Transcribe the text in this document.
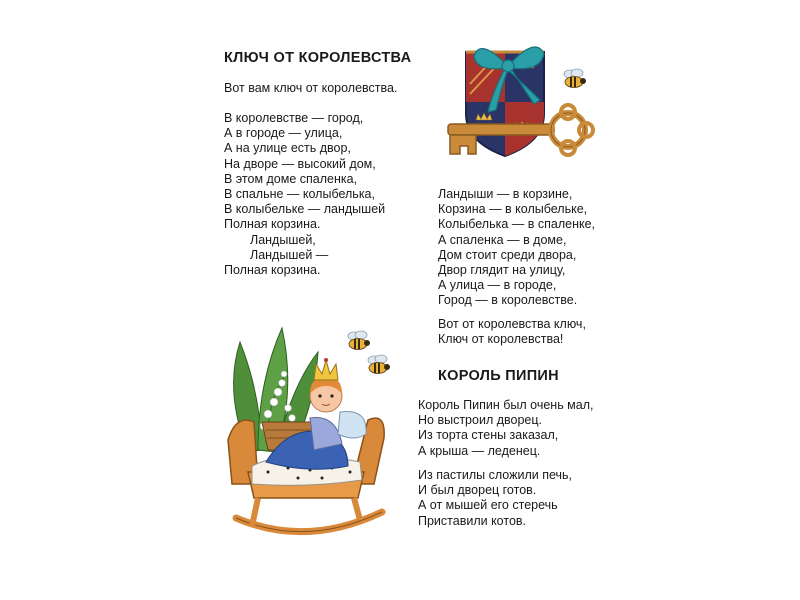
КЛЮЧ ОТ КОРОЛЕВСТВА

Вот вам ключ от королевства.

В королевстве — город,
А в городе — улица,
А на улице есть двор,
На дворе — высокий дом,
В этом доме спаленка,
В спальне — колыбелька,
В колыбельке — ландышей
Полная корзина.
Ландышей,
Ландышей —
Полная корзина.

Ландыши — в корзине,
Корзина — в колыбельке,
Колыбелька — в спаленке,
А спаленка — в доме,
Дом стоит среди двора,
Двор глядит на улицу,
А улица — в городе,
Город — в королевстве.

Вот от королевства ключ,
Ключ от королевства!

КОРОЛЬ ПИПИН

Король Пипин был очень мал,
Но выстроил дворец.
Из торта стены заказал,
А крыша — леденец.

Из пастилы сложили печь,
И был дворец готов.
А от мышей его стеречь
Приставили котов.
